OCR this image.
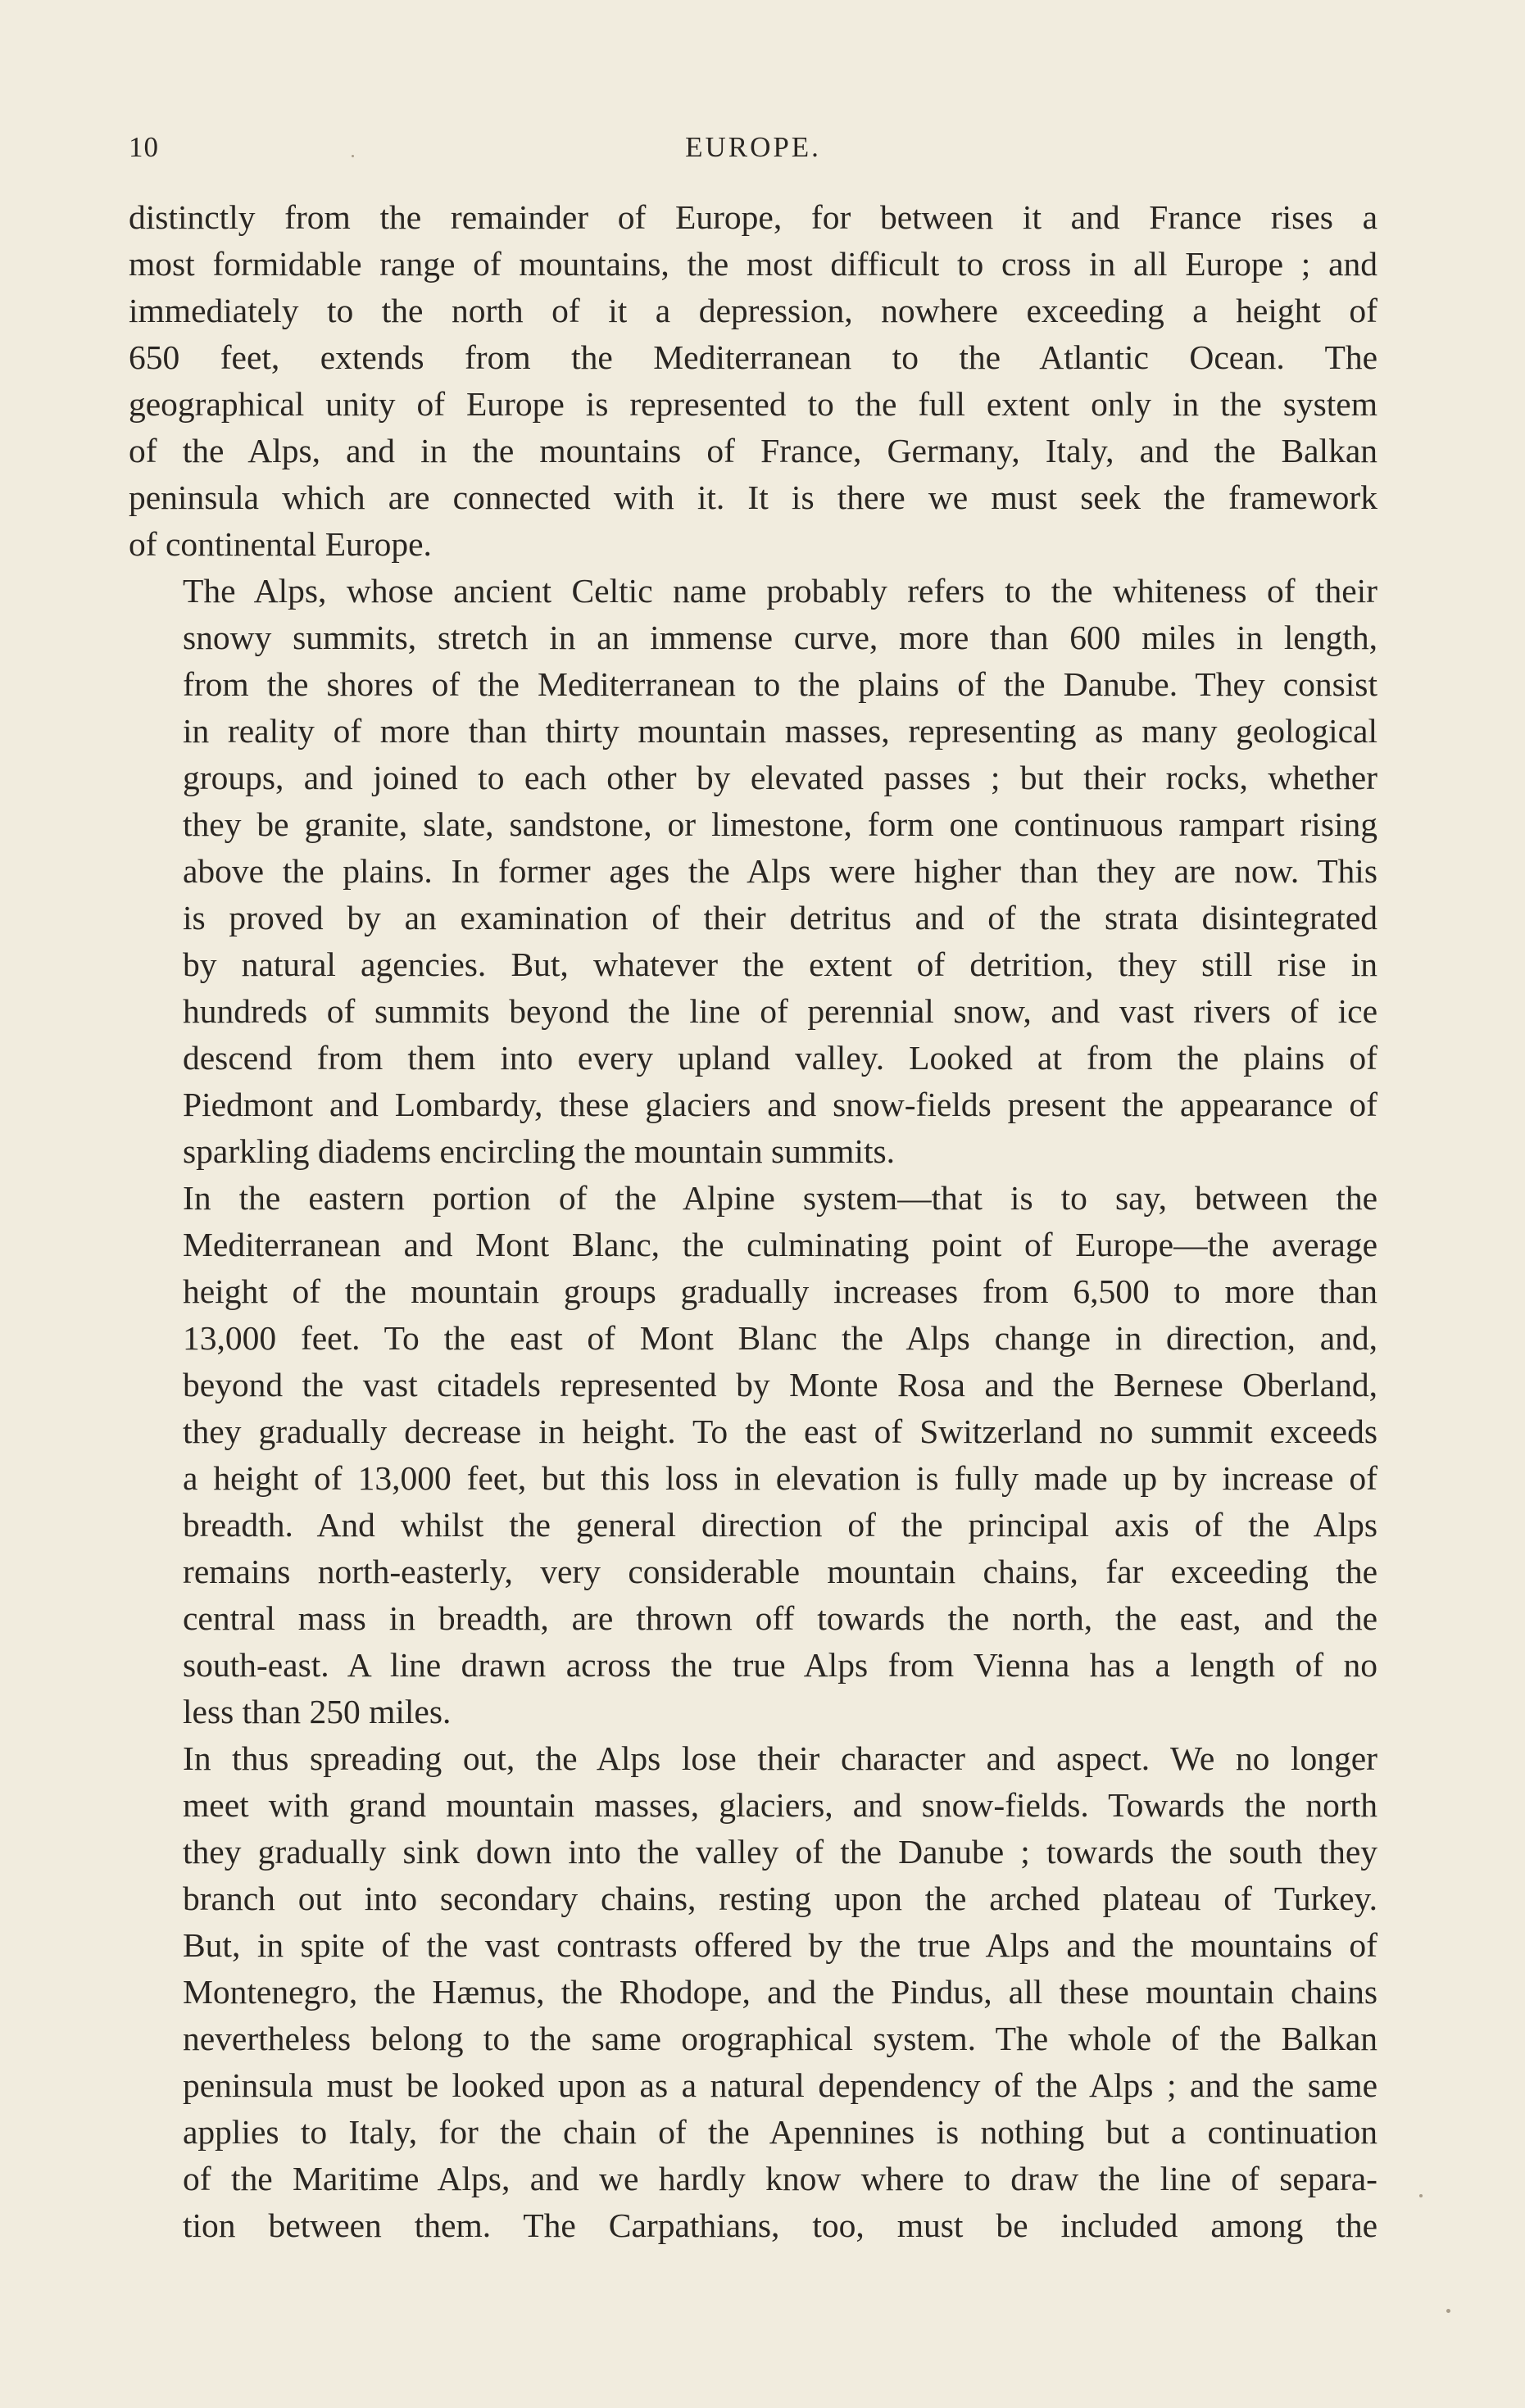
10	EUROPE.

distinctly from the remainder of Europe, for between it and France rises a
most formidable range of mountains, the most difficult to cross in all Europe ; and
immediately to the north of it a depression, nowhere exceeding a height of
650 feet, extends from the Mediterranean to the Atlantic Ocean. The
geographical unity of Europe is represented to the full extent only in the system
of the Alps, and in the mountains of France, Germany, Italy, and the Balkan
peninsula which are connected with it. It is there we must seek the framework
of continental Europe.

The Alps, whose ancient Celtic name probably refers to the whiteness of their
snowy summits, stretch in an immense curve, more than 600 miles in length,
from the shores of the Mediterranean to the plains of the Danube. They consist
in reality of more than thirty mountain masses, representing as many geological
groups, and joined to each other by elevated passes ; but their rocks, whether
they be granite, slate, sandstone, or limestone, form one continuous rampart rising
above the plains. In former ages the Alps were higher than they are now. This
is proved by an examination of their detritus and of the strata disintegrated
by natural agencies. But, whatever the extent of detrition, they still rise in
hundreds of summits beyond the line of perennial snow, and vast rivers of ice
descend from them into every upland valley. Looked at from the plains of
Piedmont and Lombardy, these glaciers and snow-fields present the appearance of
sparkling diadems encircling the mountain summits.

In the eastern portion of the Alpine system—that is to say, between the
Mediterranean and Mont Blanc, the culminating point of Europe—the average
height of the mountain groups gradually increases from 6,500 to more than
13,000 feet. To the east of Mont Blanc the Alps change in direction, and,
beyond the vast citadels represented by Monte Rosa and the Bernese Oberland,
they gradually decrease in height. To the east of Switzerland no summit exceeds
a height of 13,000 feet, but this loss in elevation is fully made up by increase of
breadth. And whilst the general direction of the principal axis of the Alps
remains north-easterly, very considerable mountain chains, far exceeding the
central mass in breadth, are thrown off towards the north, the east, and the
south-east. A line drawn across the true Alps from Vienna has a length of no
less than 250 miles.

In thus spreading out, the Alps lose their character and aspect. We no longer
meet with grand mountain masses, glaciers, and snow-fields. Towards the north
they gradually sink down into the valley of the Danube ; towards the south they
branch out into secondary chains, resting upon the arched plateau of Turkey.
But, in spite of the vast contrasts offered by the true Alps and the mountains of
Montenegro, the Hæmus, the Rhodope, and the Pindus, all these mountain chains
nevertheless belong to the same orographical system. The whole of the Balkan
peninsula must be looked upon as a natural dependency of the Alps ; and the same
applies to Italy, for the chain of the Apennines is nothing but a continuation
of the Maritime Alps, and we hardly know where to draw the line of separa-
tion between them. The Carpathians, too, must be included among the
